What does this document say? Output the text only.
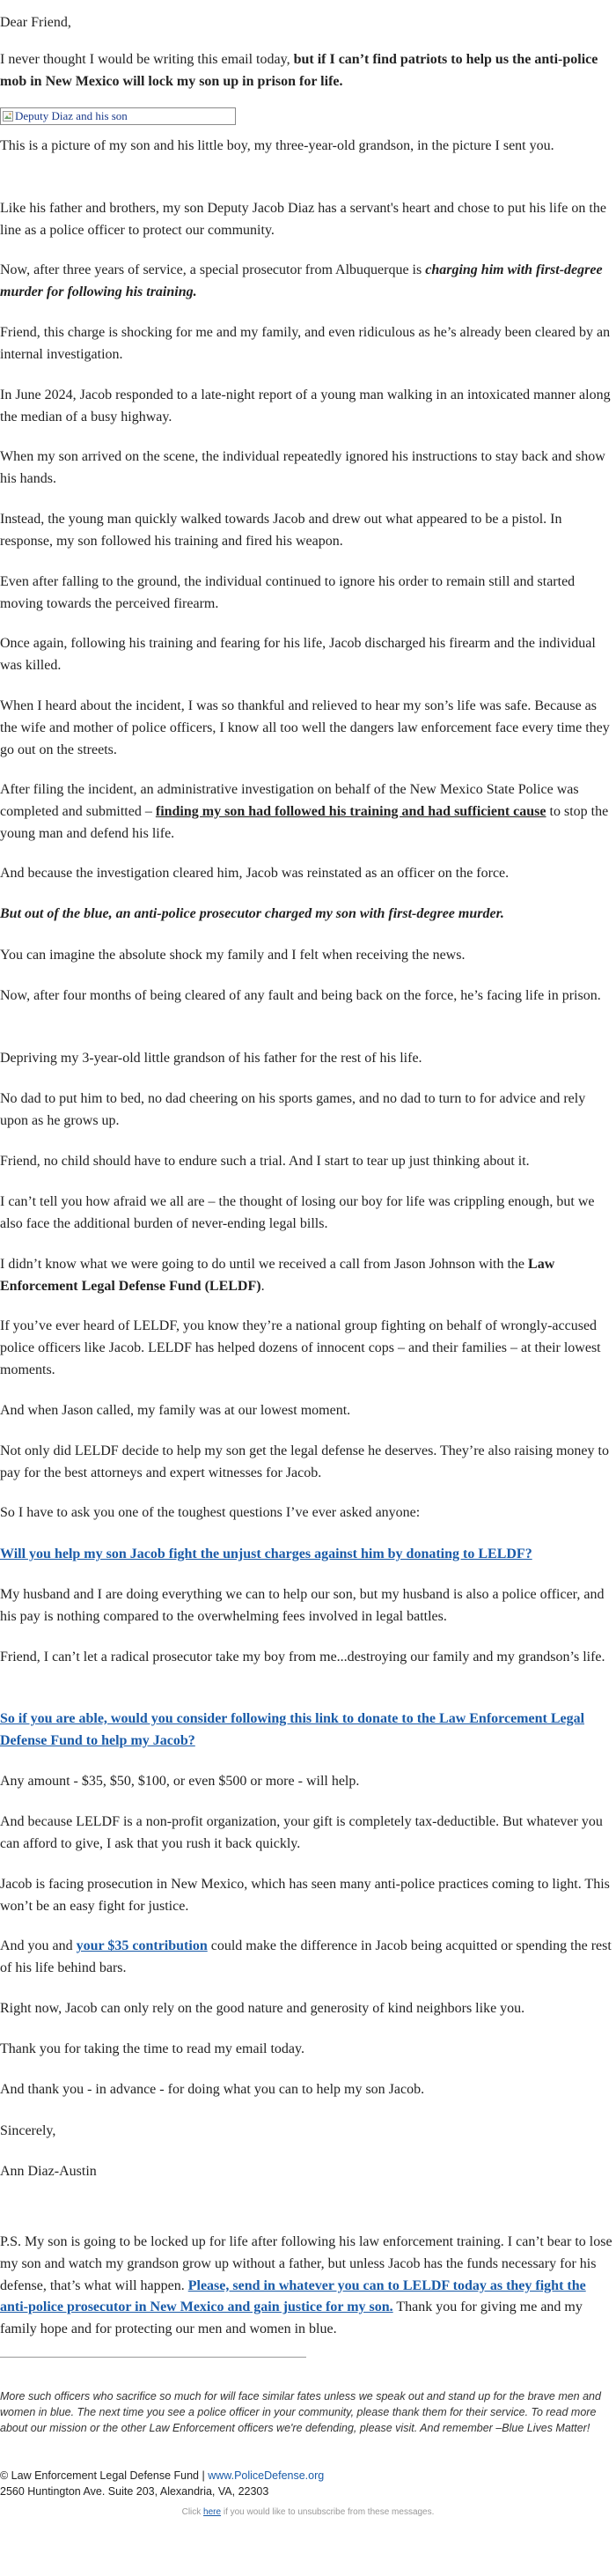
Dear Friend,

I never thought I would be writing this email today, but if I can’t find patriots to help us the anti-police mob in New Mexico will lock my son up in prison for life.

Deputy Diaz and his son

This is a picture of my son and his little boy, my three-year-old grandson, in the picture I sent you.

Like his father and brothers, my son Deputy Jacob Diaz has a servant's heart and chose to put his life on the line as a police officer to protect our community.

Now, after three years of service, a special prosecutor from Albuquerque is charging him with first-degree murder for following his training.

Friend, this charge is shocking for me and my family, and even ridiculous as he’s already been cleared by an internal investigation.

In June 2024, Jacob responded to a late-night report of a young man walking in an intoxicated manner along the median of a busy highway.

When my son arrived on the scene, the individual repeatedly ignored his instructions to stay back and show his hands.

Instead, the young man quickly walked towards Jacob and drew out what appeared to be a pistol. In response, my son followed his training and fired his weapon.

Even after falling to the ground, the individual continued to ignore his order to remain still and started moving towards the perceived firearm.

Once again, following his training and fearing for his life, Jacob discharged his firearm and the individual was killed.

When I heard about the incident, I was so thankful and relieved to hear my son’s life was safe. Because as the wife and mother of police officers, I know all too well the dangers law enforcement face every time they go out on the streets.

After filing the incident, an administrative investigation on behalf of the New Mexico State Police was completed and submitted – finding my son had followed his training and had sufficient cause to stop the young man and defend his life.

And because the investigation cleared him, Jacob was reinstated as an officer on the force.

But out of the blue, an anti-police prosecutor charged my son with first-degree murder.

You can imagine the absolute shock my family and I felt when receiving the news.

Now, after four months of being cleared of any fault and being back on the force, he’s facing life in prison.

Depriving my 3-year-old little grandson of his father for the rest of his life.

No dad to put him to bed, no dad cheering on his sports games, and no dad to turn to for advice and rely upon as he grows up.

Friend, no child should have to endure such a trial. And I start to tear up just thinking about it.

I can’t tell you how afraid we all are – the thought of losing our boy for life was crippling enough, but we also face the additional burden of never-ending legal bills.

I didn’t know what we were going to do until we received a call from Jason Johnson with the Law Enforcement Legal Defense Fund (LELDF).

If you’ve ever heard of LELDF, you know they’re a national group fighting on behalf of wrongly-accused police officers like Jacob. LELDF has helped dozens of innocent cops – and their families – at their lowest moments.

And when Jason called, my family was at our lowest moment.

Not only did LELDF decide to help my son get the legal defense he deserves. They’re also raising money to pay for the best attorneys and expert witnesses for Jacob.

So I have to ask you one of the toughest questions I’ve ever asked anyone:

Will you help my son Jacob fight the unjust charges against him by donating to LELDF?

My husband and I are doing everything we can to help our son, but my husband is also a police officer, and his pay is nothing compared to the overwhelming fees involved in legal battles.

Friend, I can’t let a radical prosecutor take my boy from me...destroying our family and my grandson’s life.

So if you are able, would you consider following this link to donate to the Law Enforcement Legal Defense Fund to help my Jacob?

Any amount - $35, $50, $100, or even $500 or more - will help.

And because LELDF is a non-profit organization, your gift is completely tax-deductible. But whatever you can afford to give, I ask that you rush it back quickly.

Jacob is facing prosecution in New Mexico, which has seen many anti-police practices coming to light. This won’t be an easy fight for justice.

And you and your $35 contribution could make the difference in Jacob being acquitted or spending the rest of his life behind bars.

Right now, Jacob can only rely on the good nature and generosity of kind neighbors like you.

Thank you for taking the time to read my email today.

And thank you - in advance - for doing what you can to help my son Jacob.

Sincerely,

Ann Diaz-Austin

P.S. My son is going to be locked up for life after following his law enforcement training. I can’t bear to lose my son and watch my grandson grow up without a father, but unless Jacob has the funds necessary for his defense, that’s what will happen. Please, send in whatever you can to LELDF today as they fight the anti-police prosecutor in New Mexico and gain justice for my son. Thank you for giving me and my family hope and for protecting our men and women in blue.

More such officers who sacrifice so much for will face similar fates unless we speak out and stand up for the brave men and women in blue. The next time you see a police officer in your community, please thank them for their service. To read more about our mission or the other Law Enforcement officers we're defending, please visit. And remember –Blue Lives Matter!
© Law Enforcement Legal Defense Fund | www.PoliceDefense.org
2560 Huntington Ave. Suite 203, Alexandria, VA, 22303
Click here if you would like to unsubscribe from these messages.
